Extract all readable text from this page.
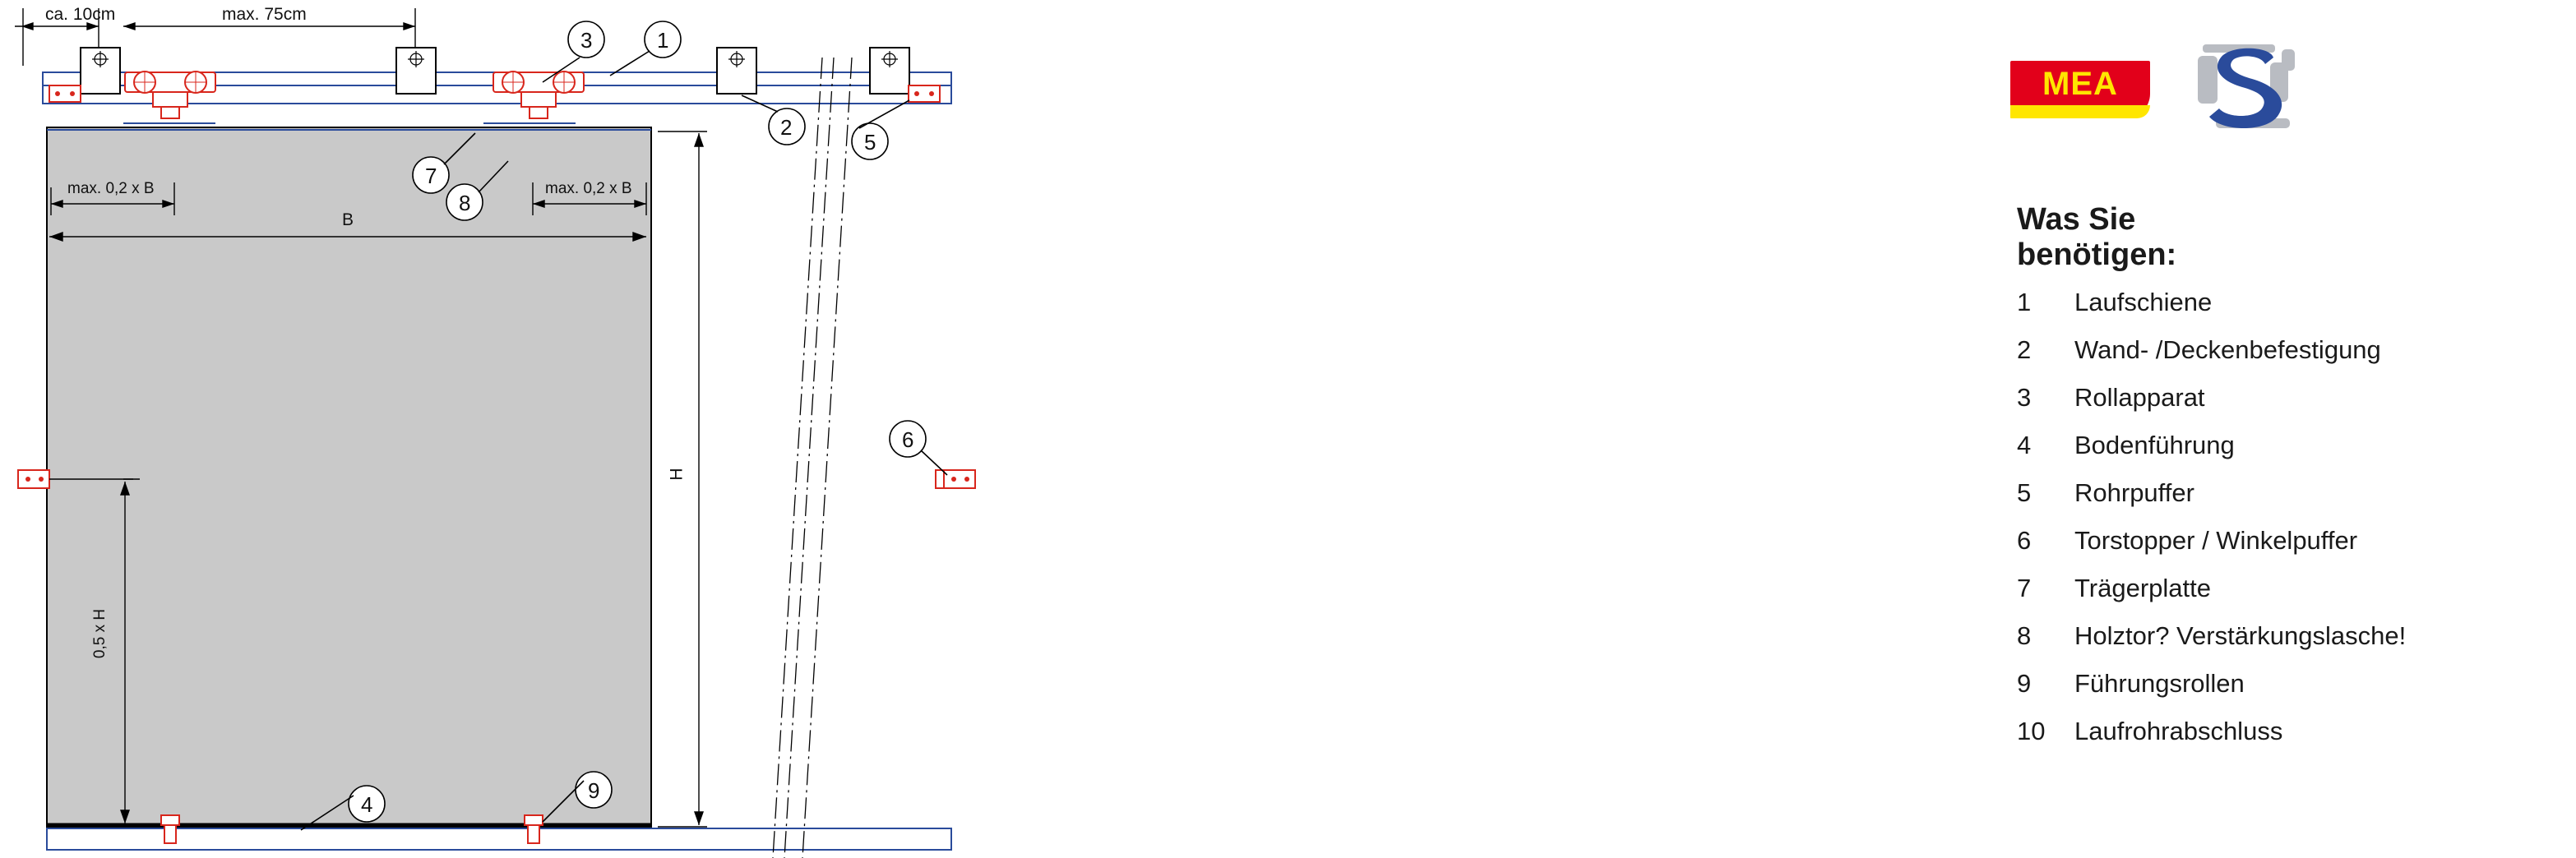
ca. 10cm	max. 75cm
max. 0,2 x B	max. 0,2 x B
B
H
0,5 x H
1
2
3
4
5
6
7
8
9
MEA
Was Sie benötigen:
1	Laufschiene
2	Wand- /Deckenbefestigung
3	Rollapparat
4	Bodenführung
5	Rohrpuffer
6	Torstopper / Winkelpuffer
7	Trägerplatte
8	Holztor? Verstärkungslasche!
9	Führungsrollen
10	Laufrohrabschluss
